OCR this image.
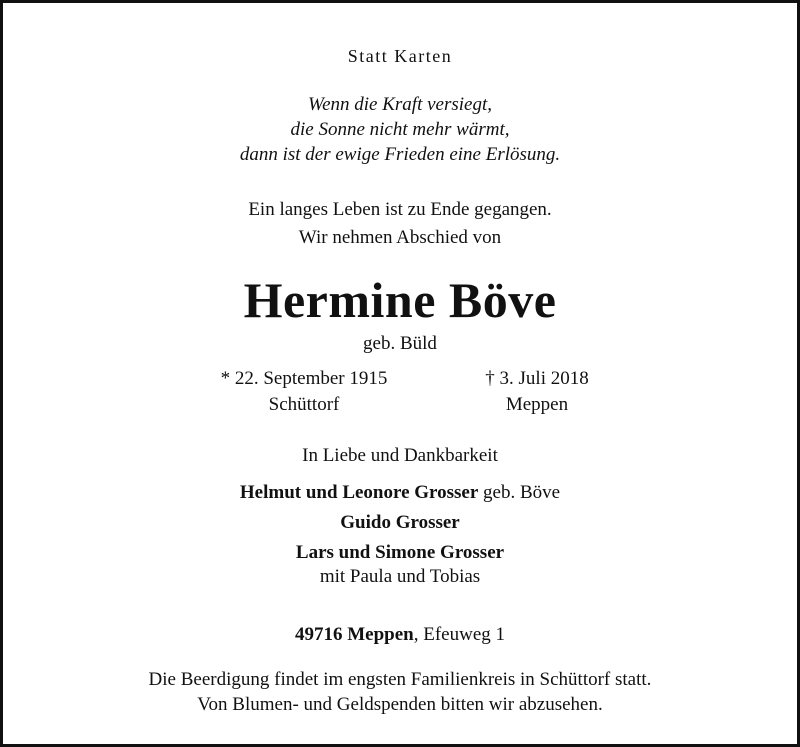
Statt Karten
Wenn die Kraft versiegt,
die Sonne nicht mehr wärmt,
dann ist der ewige Frieden eine Erlösung.
Ein langes Leben ist zu Ende gegangen.
Wir nehmen Abschied von
Hermine Böve
geb. Büld
* 22. September 1915
Schüttorf
† 3. Juli 2018
Meppen
In Liebe und Dankbarkeit
Helmut und Leonore Grosser geb. Böve
Guido Grosser
Lars und Simone Grosser
mit Paula und Tobias
49716 Meppen, Efeuweg 1
Die Beerdigung findet im engsten Familienkreis in Schüttorf statt.
Von Blumen- und Geldspenden bitten wir abzusehen.
